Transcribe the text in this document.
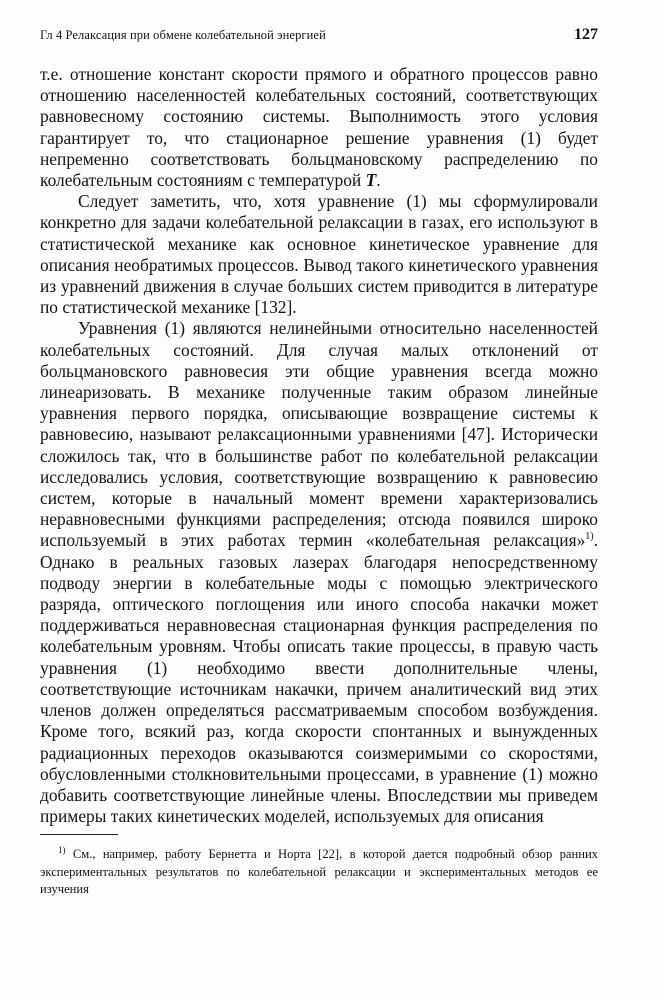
Гл 4 Релаксация при обмене колебательной энергией	127

т.е. отношение констант скорости прямого и обратного процессов равно отношению населенностей колебательных состояний, соответствующих равновесному состоянию системы. Выполнимость этого условия гарантирует то, что стационарное решение уравнения (1) будет непременно соответствовать больцмановскому распределению по колебательным состояниям с температурой T.

Следует заметить, что, хотя уравнение (1) мы сформулировали конкретно для задачи колебательной релаксации в газах, его используют в статистической механике как основное кинетическое уравнение для описания необратимых процессов. Вывод такого кинетического уравнения из уравнений движения в случае больших систем приводится в литературе по статистической механике [132].

Уравнения (1) являются нелинейными относительно населенностей колебательных состояний. Для случая малых отклонений от больцмановского равновесия эти общие уравнения всегда можно линеаризовать. В механике полученные таким образом линейные уравнения первого порядка, описывающие возвращение системы к равновесию, называют релаксационными уравнениями [47]. Исторически сложилось так, что в большинстве работ по колебательной релаксации исследовались условия, соответствующие возвращению к равновесию систем, которые в начальный момент времени характеризовались неравновесными функциями распределения; отсюда появился широко используемый в этих работах термин «колебательная релаксация»$^{1)}$. Однако в реальных газовых лазерах благодаря непосредственному подводу энергии в колебательные моды с помощью электрического разряда, оптического поглощения или иного способа накачки может поддерживаться неравновесная стационарная функция распределения по колебательным уровням. Чтобы описать такие процессы, в правую часть уравнения (1) необходимо ввести дополнительные члены, соответствующие источникам накачки, причем аналитический вид этих членов должен определяться рассматриваемым способом возбуждения. Кроме того, всякий раз, когда скорости спонтанных и вынужденных радиационных переходов оказываются соизмеримыми со скоростями, обусловленными столкновительными процессами, в уравнение (1) можно добавить соответствующие линейные члены. Впоследствии мы приведем примеры таких кинетических моделей, используемых для описания

$^{1)}$ См., например, работу Бернетта и Норта [22], в которой дается подробный обзор ранних экспериментальных результатов по колебательной релаксации и экспериментальных методов ее изучения
